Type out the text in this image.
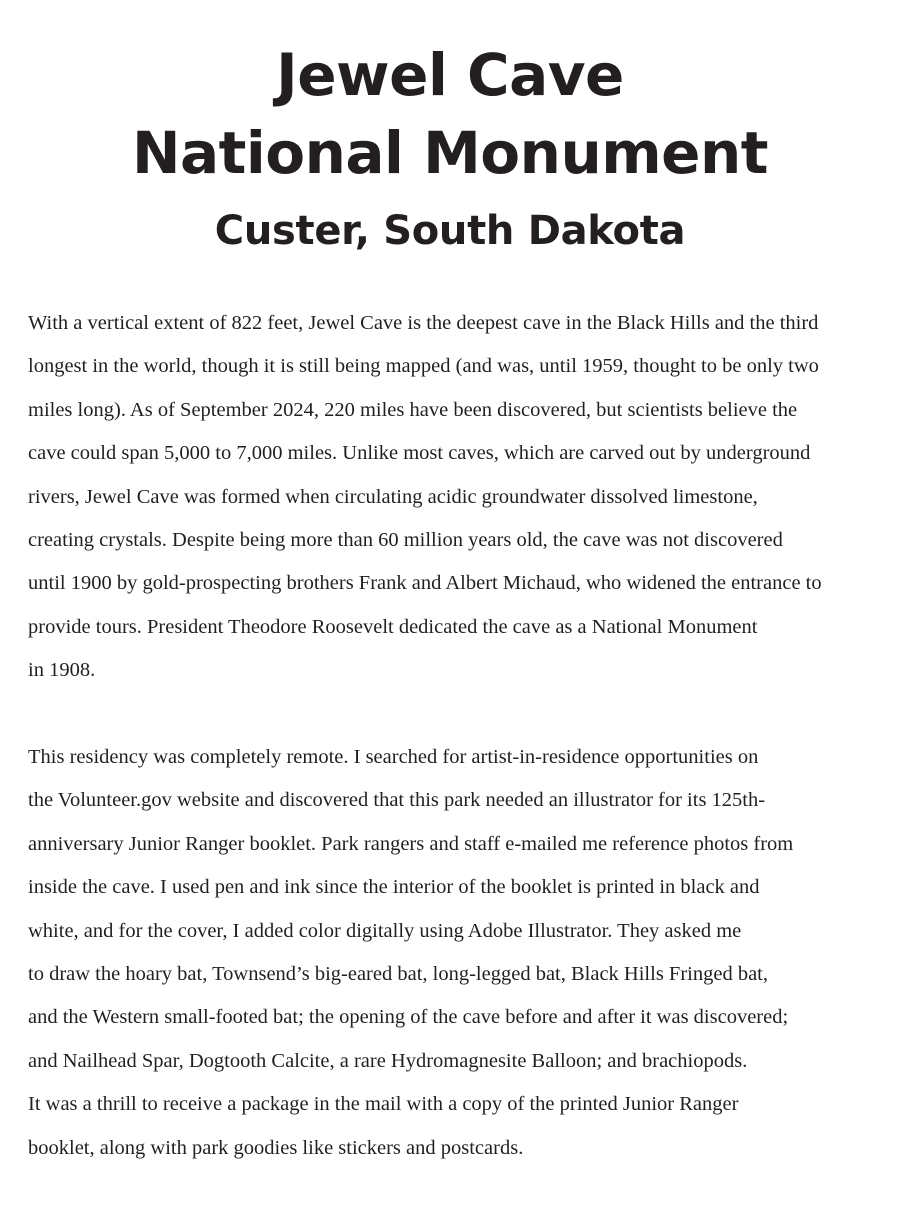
Jewel Cave
National Monument
Custer, South Dakota
With a vertical extent of 822 feet, Jewel Cave is the deepest cave in the Black Hills and the third
longest in the world, though it is still being mapped (and was, until 1959, thought to be only two
miles long). As of September 2024, 220 miles have been discovered, but scientists believe the
cave could span 5,000 to 7,000 miles. Unlike most caves, which are carved out by underground
rivers, Jewel Cave was formed when circulating acidic groundwater dissolved limestone,
creating crystals. Despite being more than 60 million years old, the cave was not discovered
until 1900 by gold-prospecting brothers Frank and Albert Michaud, who widened the entrance to
provide tours. President Theodore Roosevelt dedicated the cave as a National Monument
in 1908.
This residency was completely remote. I searched for artist-in-residence opportunities on
the Volunteer.gov website and discovered that this park needed an illustrator for its 125th-
anniversary Junior Ranger booklet. Park rangers and staff e-mailed me reference photos from
inside the cave. I used pen and ink since the interior of the booklet is printed in black and
white, and for the cover, I added color digitally using Adobe Illustrator. They asked me
to draw the hoary bat, Townsend’s big-eared bat, long-legged bat, Black Hills Fringed bat,
and the Western small-footed bat; the opening of the cave before and after it was discovered;
and Nailhead Spar, Dogtooth Calcite, a rare Hydromagnesite Balloon; and brachiopods.
It was a thrill to receive a package in the mail with a copy of the printed Junior Ranger
booklet, along with park goodies like stickers and postcards.
